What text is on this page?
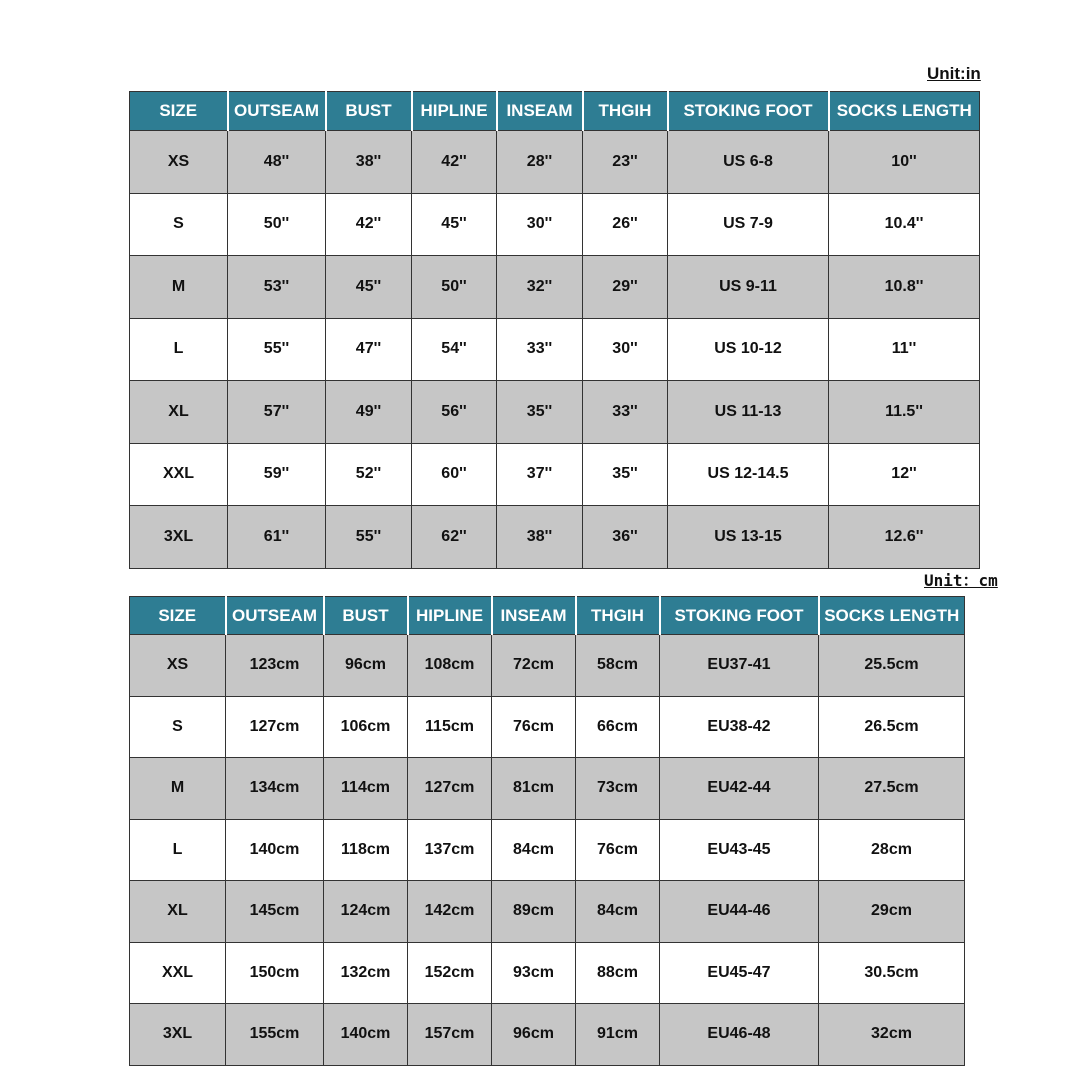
Unit:in
SIZE	OUTSEAM	BUST	HIPLINE	INSEAM	THGIH	STOKING FOOT	SOCKS LENGTH
XS	48''	38''	42''	28''	23''	US 6-8	10''
S	50''	42''	45''	30''	26''	US 7-9	10.4''
M	53''	45''	50''	32''	29''	US 9-11	10.8''
L	55''	47''	54''	33''	30''	US 10-12	11''
XL	57''	49''	56''	35''	33''	US 11-13	11.5''
XXL	59''	52''	60''	37''	35''	US 12-14.5	12''
3XL	61''	55''	62''	38''	36''	US 13-15	12.6''
Unit：cm
SIZE	OUTSEAM	BUST	HIPLINE	INSEAM	THGIH	STOKING FOOT	SOCKS LENGTH
XS	123cm	96cm	108cm	72cm	58cm	EU37-41	25.5cm
S	127cm	106cm	115cm	76cm	66cm	EU38-42	26.5cm
M	134cm	114cm	127cm	81cm	73cm	EU42-44	27.5cm
L	140cm	118cm	137cm	84cm	76cm	EU43-45	28cm
XL	145cm	124cm	142cm	89cm	84cm	EU44-46	29cm
XXL	150cm	132cm	152cm	93cm	88cm	EU45-47	30.5cm
3XL	155cm	140cm	157cm	96cm	91cm	EU46-48	32cm
